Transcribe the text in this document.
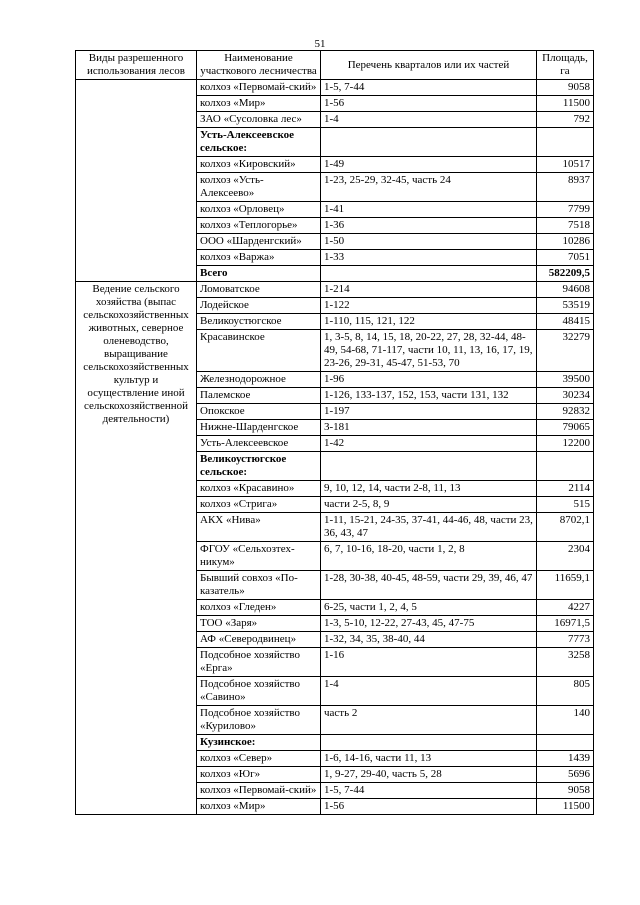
51
Виды разрешенного использования лесов	Наименование участкового лесничества	Перечень кварталов или их частей	Площадь, га
	колхоз «Первомай-ский»	1-5, 7-44	9058
	колхоз «Мир»	1-56	11500
	ЗАО «Сусоловка лес»	1-4	792
	Усть-Алексеевское сельское:		
	колхоз «Кировский»	1-49	10517
	колхоз «Усть-Алексеево»	1-23, 25-29, 32-45, часть 24	8937
	колхоз «Орловец»	1-41	7799
	колхоз «Теплогорье»	1-36	7518
	ООО «Шарденгский»	1-50	10286
	колхоз «Варжа»	1-33	7051
	Всего		582209,5
Ведение сельского хозяйства (выпас сельскохозяйственных животных, северное оленеводство, выращивание сельскохозяйственных культур и осуществление иной сельскохозяйственной деятельности)	Ломоватское	1-214	94608
	Лодейское	1-122	53519
	Великоустюгское	1-110, 115, 121, 122	48415
	Красавинское	1, 3-5, 8, 14, 15, 18, 20-22, 27, 28, 32-44, 48-49, 54-68, 71-117, части 10, 11, 13, 16, 17, 19, 23-26, 29-31, 45-47, 51-53, 70	32279
	Железнодорожное	1-96	39500
	Палемское	1-126, 133-137, 152, 153, части 131, 132	30234
	Опокское	1-197	92832
	Нижне-Шарденгское	3-181	79065
	Усть-Алексеевское	1-42	12200
	Великоустюгское сельское:		
	колхоз «Красавино»	9, 10, 12, 14, части 2-8, 11, 13	2114
	колхоз «Стрига»	части 2-5, 8, 9	515
	АКХ «Нива»	1-11, 15-21, 24-35, 37-41, 44-46, 48, части 23, 36, 43, 47	8702,1
	ФГОУ «Сельхозтех-никум»	6, 7, 10-16, 18-20, части 1, 2, 8	2304
	Бывший совхоз «По-казатель»	1-28, 30-38, 40-45, 48-59, части 29, 39, 46, 47	11659,1
	колхоз «Гледен»	6-25, части 1, 2, 4, 5	4227
	ТОО «Заря»	1-3, 5-10, 12-22, 27-43, 45, 47-75	16971,5
	АФ «Северодвинец»	1-32, 34, 35, 38-40, 44	7773
	Подсобное хозяйство «Ерга»	1-16	3258
	Подсобное хозяйство «Савино»	1-4	805
	Подсобное хозяйство «Курилово»	часть 2	140
	Кузинское:		
	колхоз «Север»	1-6, 14-16, части 11, 13	1439
	колхоз «Юг»	1, 9-27, 29-40, часть 5, 28	5696
	колхоз «Первомай-ский»	1-5, 7-44	9058
	колхоз «Мир»	1-56	11500
